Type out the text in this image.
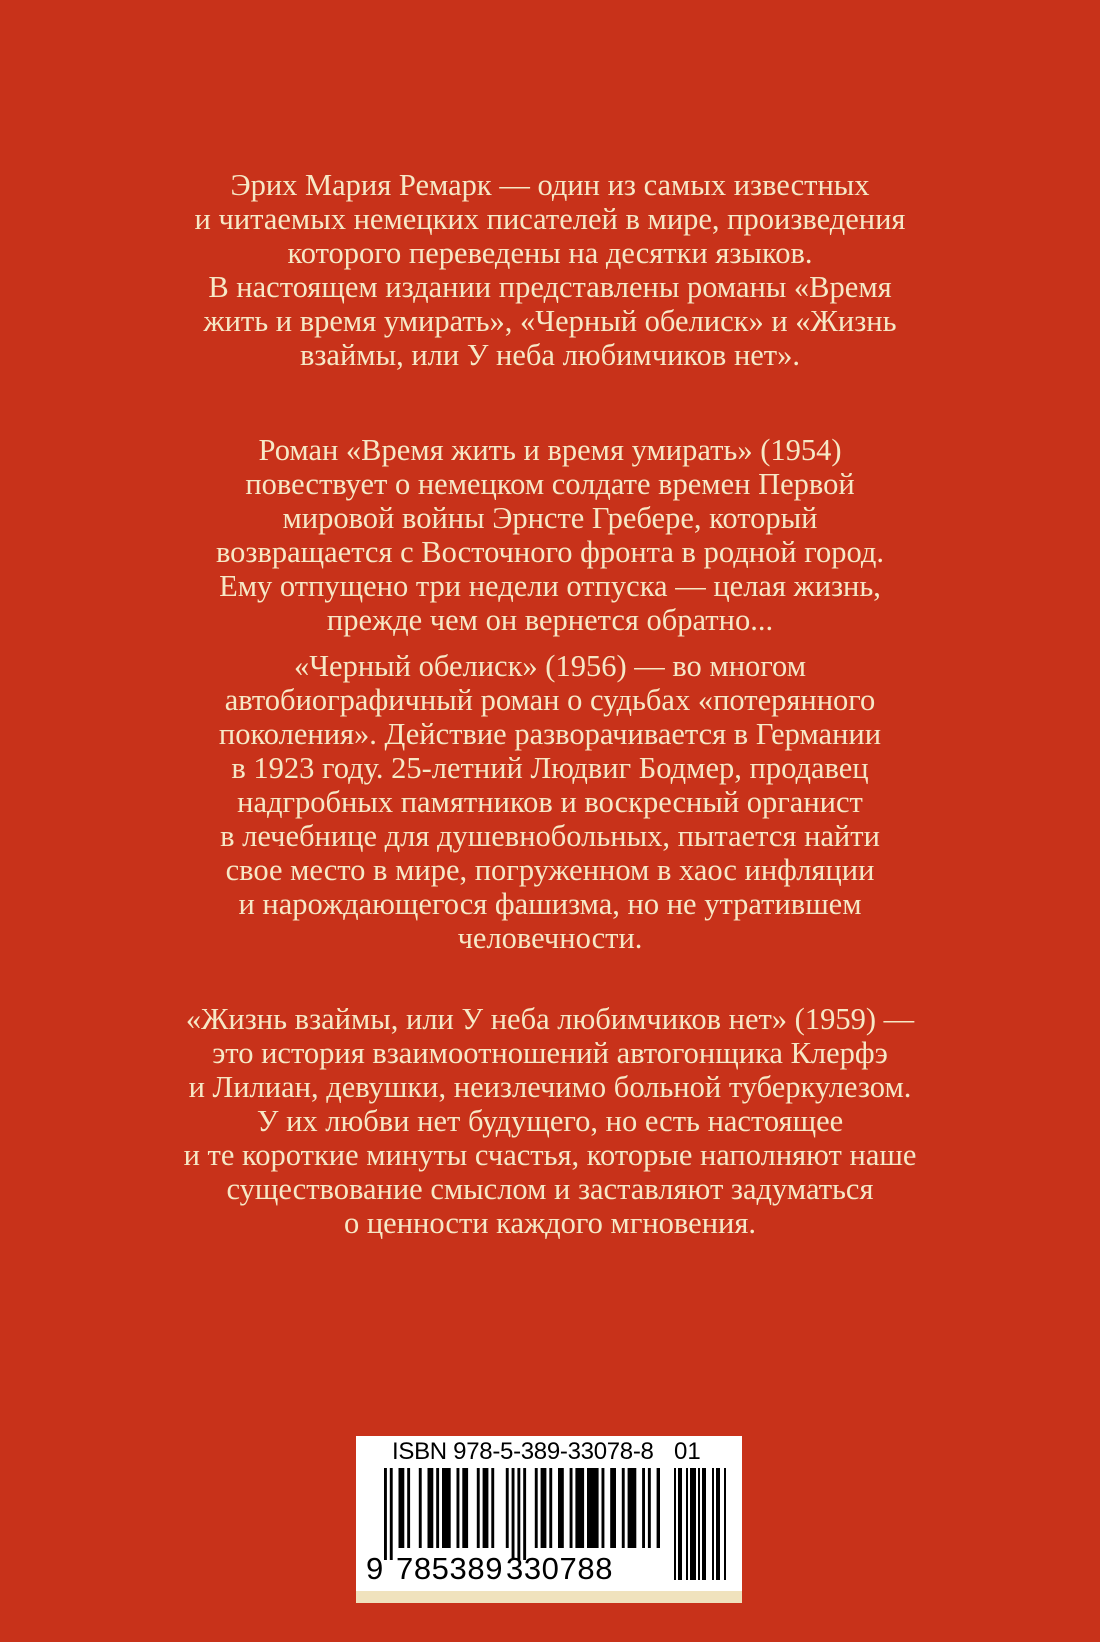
Эрих Мария Ремарк — один из самых известных
и читаемых немецких писателей в мире, произведения
которого переведены на десятки языков.
В настоящем издании представлены романы «Время
жить и время умирать», «Черный обелиск» и «Жизнь
взаймы, или У неба любимчиков нет».
Роман «Время жить и время умирать» (1954)
повествует о немецком солдате времен Первой
мировой войны Эрнсте Гребере, который
возвращается с Восточного фронта в родной город.
Ему отпущено три недели отпуска — целая жизнь,
прежде чем он вернется обратно...
«Черный обелиск» (1956) — во многом
автобиографичный роман о судьбах «потерянного
поколения». Действие разворачивается в Германии
в 1923 году. 25-летний Людвиг Бодмер, продавец
надгробных памятников и воскресный органист
в лечебнице для душевнобольных, пытается найти
свое место в мире, погруженном в хаос инфляции
и нарождающегося фашизма, но не утратившем
человечности.
«Жизнь взаймы, или У неба любимчиков нет» (1959) —
это история взаимоотношений автогонщика Клерфэ
и Лилиан, девушки, неизлечимо больной туберкулезом.
У их любви нет будущего, но есть настоящее
и те короткие минуты счастья, которые наполняют наше
существование смыслом и заставляют задуматься
о ценности каждого мгновения.
ISBN 978-5-389-33078-8 01
9 785389 330788
